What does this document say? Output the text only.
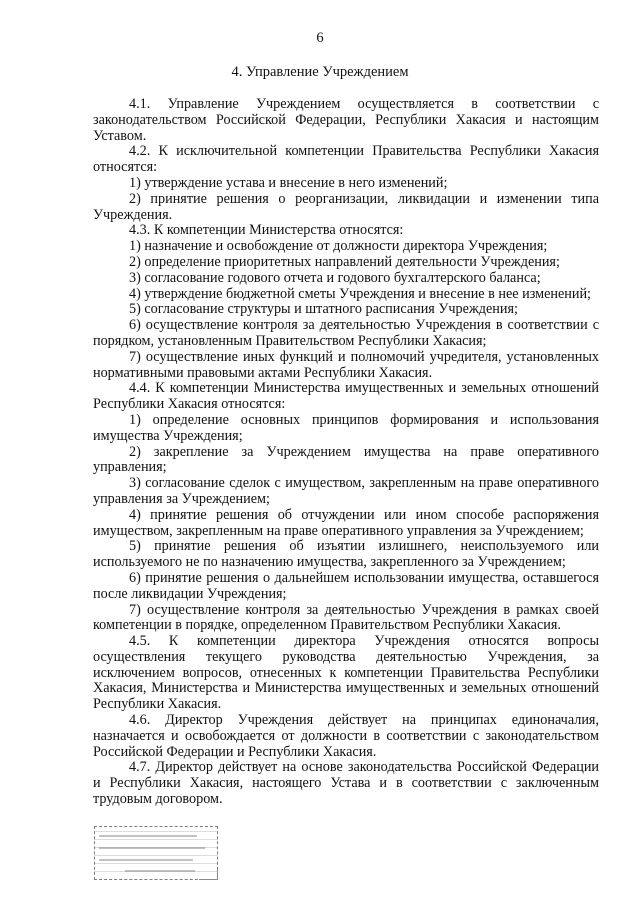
6
4. Управление Учреждением

4.1.   Управление   Учреждением   осуществляется   в   соответствии   с законодательством Российской Федерации, Республики Хакасия и настоящим Уставом.

4.2. К исключительной компетенции Правительства Республики Хакасия относятся:

1) утверждение устава и внесение в него изменений;

2) принятие решения о реорганизации, ликвидации и изменении типа Учреждения.

4.3. К компетенции Министерства относятся:

1) назначение и освобождение от должности директора Учреждения;

2) определение приоритетных направлений деятельности Учреждения;

3) согласование годового отчета и годового бухгалтерского баланса;

4) утверждение бюджетной сметы Учреждения и внесение в нее изменений;

5) согласование структуры и штатного расписания Учреждения;

6) осуществление контроля за деятельностью Учреждения в соответствии с порядком, установленным Правительством Республики Хакасия;

7) осуществление иных функций и полномочий учредителя, установленных нормативными правовыми актами Республики Хакасия.

4.4. К компетенции Министерства имущественных и земельных отношений Республики Хакасия относятся:

1) определение основных принципов формирования и использования имущества Учреждения;

2) закрепление за Учреждением имущества на праве оперативного управления;

3) согласование сделок с имуществом, закрепленным на праве оперативного управления за Учреждением;

4) принятие решения об отчуждении или ином способе распоряжения имуществом, закрепленным на праве оперативного управления за Учреждением;

5) принятие решения об изъятии излишнего, неиспользуемого или используемого не по назначению имущества, закрепленного за Учреждением;

6) принятие решения о дальнейшем использовании имущества, оставшегося после ликвидации Учреждения;

7) осуществление контроля за деятельностью Учреждения в рамках своей компетенции в порядке, определенном Правительством Республики Хакасия.

4.5.   К   компетенции   директора   Учреждения   относятся   вопросы осуществления текущего руководства деятельностью Учреждения, за исключением вопросов, отнесенных к компетенции Правительства Республики Хакасия, Министерства и Министерства имущественных и земельных отношений Республики Хакасия.

4.6.   Директор   Учреждения   действует   на   принципах   единоначалия, назначается и освобождается от должности в соответствии с законодательством Российской Федерации и Республики Хакасия.

4.7. Директор действует на основе законодательства Российской Федерации и Республики Хакасия, настоящего Устава и в соответствии с заключенным трудовым договором.
